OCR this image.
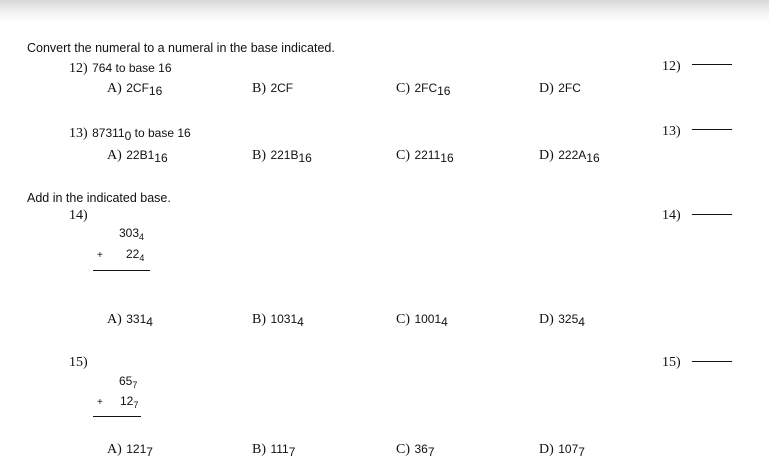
Convert the numeral to a numeral in the base indicated.
12) 764 to base 16	12)
A) $2CF_{16}$	B) 2CF	C) $2FC_{16}$	D) 2FC
13) $87311_0$ to base 16	13)
A) $22B1_{16}$	B) $221B_{16}$	C) $2211_{16}$	D) $222A_{16}$
Add in the indicated base.
14)	14)
$303_4$
+ $22_4$
A) $331_4$	B) $1031_4$	C) $1001_4$	D) $325_4$
15)	15)
$65_7$
+ $12_7$
A) $121_7$	B) $111_7$	C) $36_7$	D) $107_7$
